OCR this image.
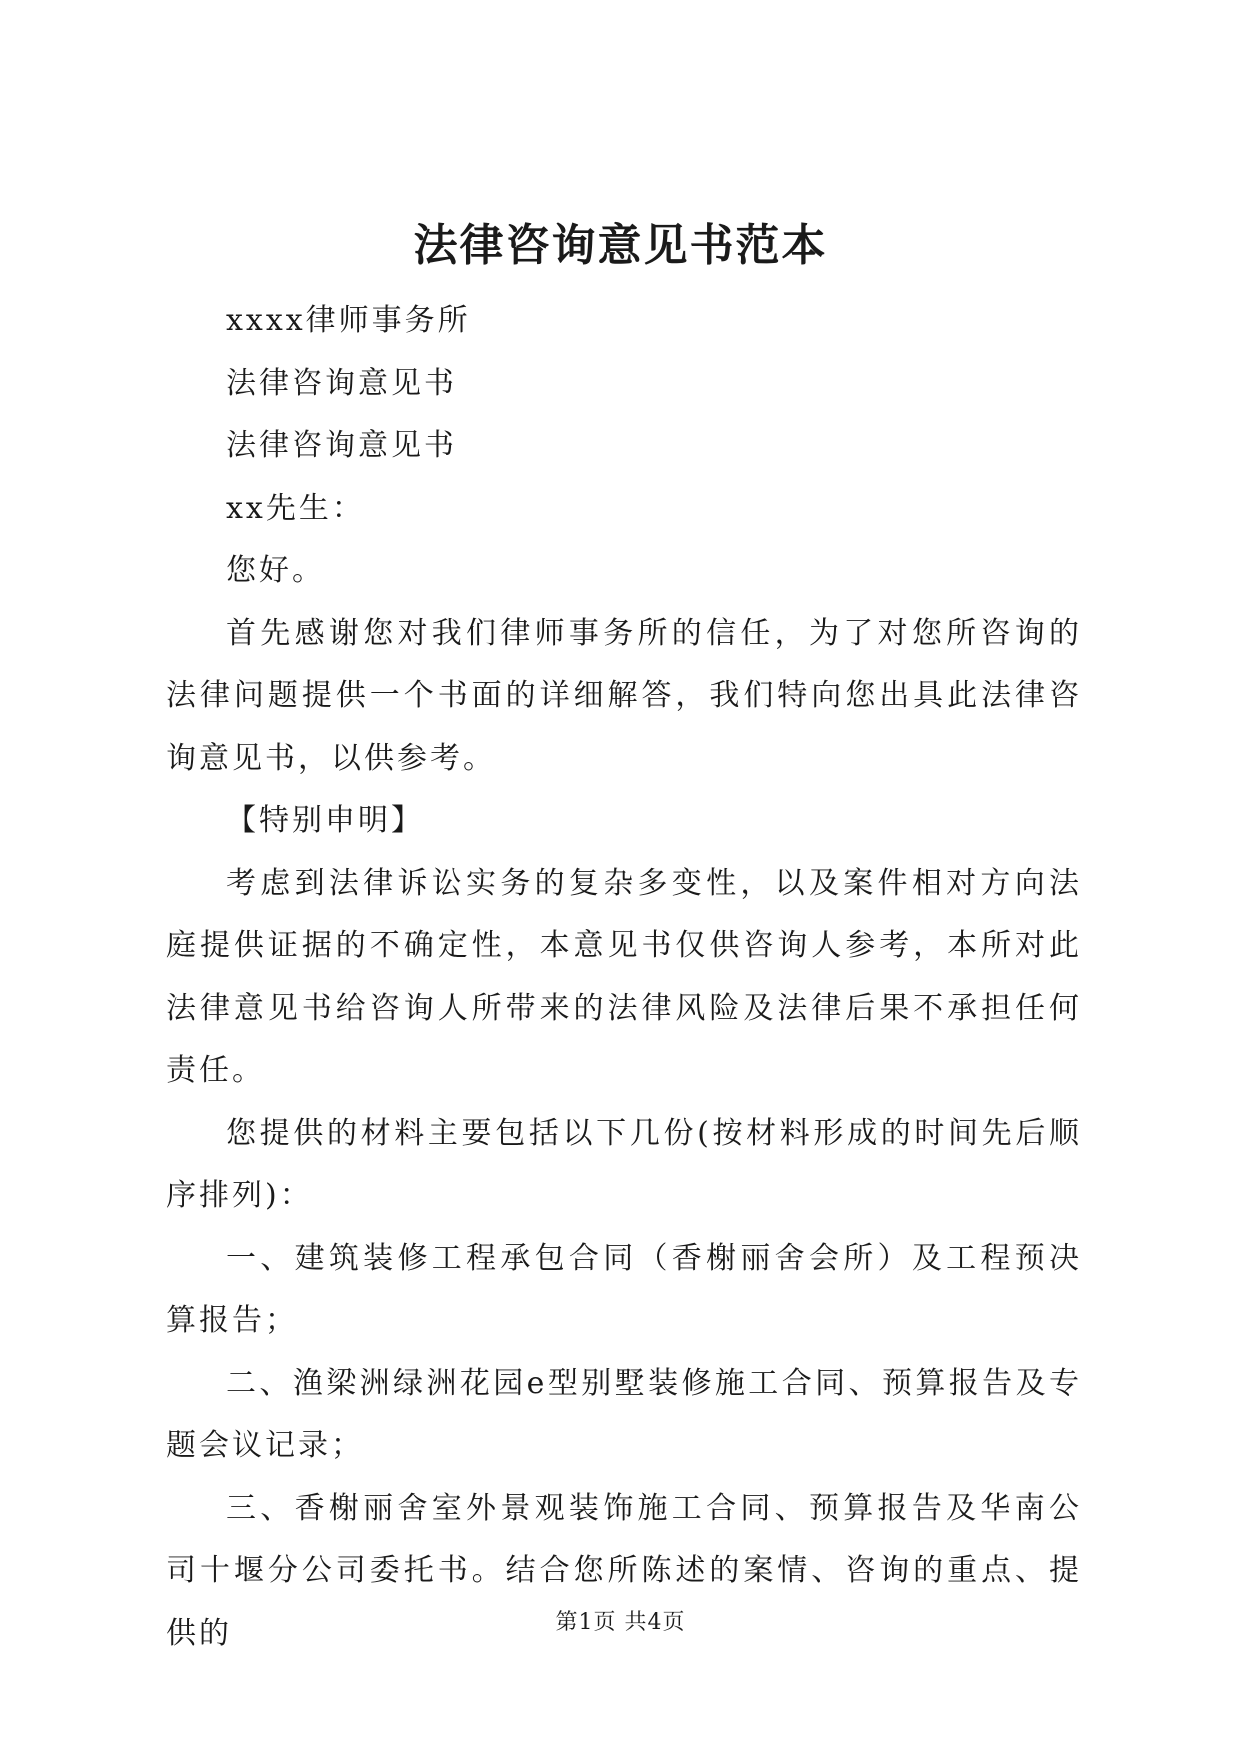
法律咨询意见书范本

xxxx律师事务所

法律咨询意见书

法律咨询意见书

xx先生：

您好。

首先感谢您对我们律师事务所的信任，为了对您所咨询的法律问题提供一个书面的详细解答，我们特向您出具此法律咨询意见书，以供参考。

【特别申明】

考虑到法律诉讼实务的复杂多变性，以及案件相对方向法庭提供证据的不确定性，本意见书仅供咨询人参考，本所对此法律意见书给咨询人所带来的法律风险及法律后果不承担任何责任。

您提供的材料主要包括以下几份(按材料形成的时间先后顺序排列)：

一、建筑装修工程承包合同（香榭丽舍会所）及工程预决算报告；

二、渔梁洲绿洲花园e型别墅装修施工合同、预算报告及专题会议记录；

三、香榭丽舍室外景观装饰施工合同、预算报告及华南公司十堰分公司委托书。结合您所陈述的案情、咨询的重点、提供的	第1页 共4页
